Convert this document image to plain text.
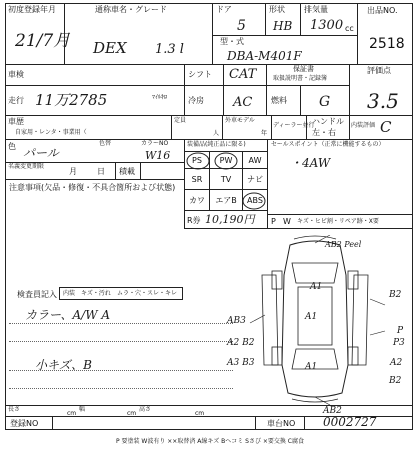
初度登録年月
21/7月
通称車名・グレード
DEX 1.3 l
ドア
5
形状
HB
排気量
1300 cc
型・式
DBA-M401F
出品NO.
2518
車検	シフト CAT	保証書
取扱説明書・記録簿
評価点
3.5
走行 11万2785	ﾏｲﾙｷﾛ	冷房 AC 燃料 G
車歴
自家用・レンタ・事業用（
定員
人
外車モデル
年
ディーラー並行
ハンドル
左・右
内装評価 C
色 パール
色替	カラーNO
W16
装備品(純正品に限る)
PS	PW	AW
SR	TV	ナビ
カワ	エアB	ABS
R券 10,190円
セールスポイント（正常に機能するもの）
・4AW
P W キズ・ヒビ割・リペア跡・X要
名義変更期限
月	日 積載
注意事項(欠品・修復・不具合箇所および状態)
検査員記入 内装 キズ・汚れ ムラ・穴・スレ・キレ
カラー、A/W A
小キズ、B
AB2 Peel
A1
AB3
A2 B2
A1
A3 B3
P
B2
P3
A1	A2
B2
AB2
長さ
cm
幅
cm
高さ
cm
登録NO	車台NO 0002727
P 要塗装 W波有り ××取替済 A線キズ Bヘコミ Sさび ×要交換 C腐食
